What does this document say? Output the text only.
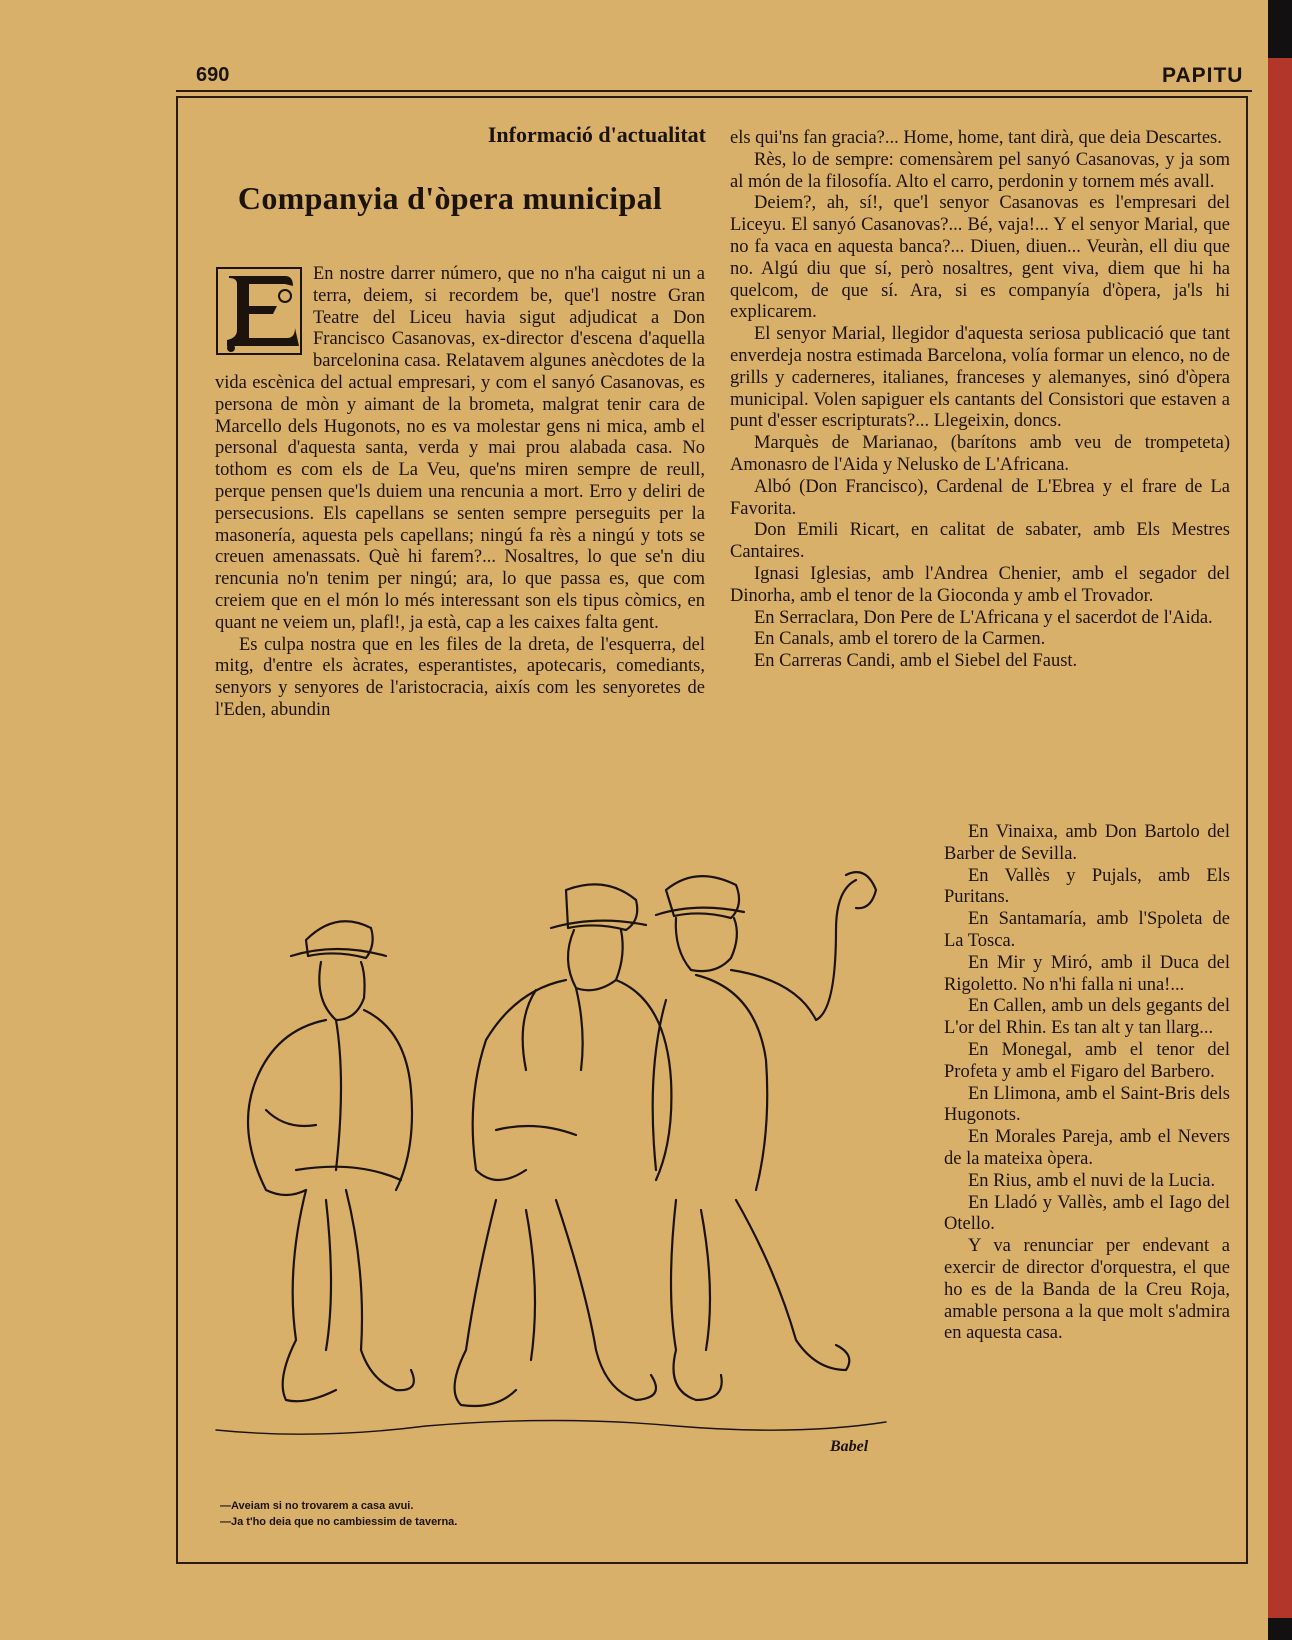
690	PAPITU
Informació d'actualitat
Companyia d'òpera municipal

En nostre darrer número, que no n'ha caigut ni un a terra, deiem, si recordem be, que'l nostre Gran Teatre del Liceu havia sigut adjudicat a Don Francisco Casanovas, ex-director d'escena d'aquella barcelonina casa. Relatavem algunes anècdotes de la vida escènica del actual empresari, y com el sanyó Casanovas, es persona de mòn y aimant de la brometa, malgrat tenir cara de Marcello dels Hugonots, no es va molestar gens ni mica, amb el personal d'aquesta santa, verda y mai prou alabada casa. No tothom es com els de La Veu, que'ns miren sempre de reull, perque pensen que'ls duiem una rencunia a mort. Erro y deliri de persecusions. Els capellans se senten sempre perseguits per la masonería, aquesta pels capellans; ningú fa rès a ningú y tots se creuen amenassats. Què hi farem?... Nosaltres, lo que se'n diu rencunia no'n tenim per ningú; ara, lo que passa es, que com creiem que en el món lo més interessant son els tipus còmics, en quant ne veiem un, plafl!, ja està, cap a les caixes falta gent.

Es culpa nostra que en les files de la dreta, de l'esquerra, del mitg, d'entre els àcrates, esperantistes, apotecaris, comediants, senyors y senyores de l'aristocracia, aixís com les senyoretes de l'Eden, abundin

els qui'ns fan gracia?... Home, home, tant dirà, que deia Descartes.

Rès, lo de sempre: comensàrem pel sanyó Casanovas, y ja som al món de la filosofía. Alto el carro, perdonin y tornem més avall.

Deiem?, ah, sí!, que'l senyor Casanovas es l'empresari del Liceyu. El sanyó Casanovas?... Bé, vaja!... Y el senyor Marial, que no fa vaca en aquesta banca?... Diuen, diuen... Veuràn, ell diu que no. Algú diu que sí, però nosaltres, gent viva, diem que hi ha quelcom, de que sí. Ara, si es companyía d'òpera, ja'ls hi explicarem.

El senyor Marial, llegidor d'aquesta seriosa publicació que tant enverdeja nostra estimada Barcelona, volía formar un elenco, no de grills y caderneres, italianes, franceses y alemanyes, sinó d'òpera municipal. Volen sapiguer els cantants del Consistori que estaven a punt d'esser escripturats?... Llegeixin, doncs.

Marquès de Marianao, (barítons amb veu de trompeteta) Amonasro de l'Aida y Nelusko de L'Africana.

Albó (Don Francisco), Cardenal de L'Ebrea y el frare de La Favorita.

Don Emili Ricart, en calitat de sabater, amb Els Mestres Cantaires.

Ignasi Iglesias, amb l'Andrea Chenier, amb el segador del Dinorha, amb el tenor de la Gioconda y amb el Trovador.

En Serraclara, Don Pere de L'Africana y el sacerdot de l'Aida.

En Canals, amb el torero de la Carmen.

En Carreras Candi, amb el Siebel del Faust.

En Vinaixa, amb Don Bartolo del Barber de Sevilla.

En Vallès y Pujals, amb Els Puritans.

En Santamaría, amb l'Spoleta de La Tosca.

En Mir y Miró, amb il Duca del Rigoletto. No n'hi falla ni una!...

En Callen, amb un dels gegants del L'or del Rhin. Es tan alt y tan llarg...

En Monegal, amb el tenor del Profeta y amb el Figaro del Barbero.

En Llimona, amb el Saint-Bris dels Hugonots.

En Morales Pareja, amb el Nevers de la mateixa òpera.

En Rius, amb el nuvi de la Lucia.

En Lladó y Vallès, amb el Iago del Otello.

Y va renunciar per endevant a exercir de director d'orquestra, el que ho es de la Banda de la Creu Roja, amable persona a la que molt s'admira en aquesta casa.

Babel
—Aveiam si no trovarem a casa avui.
—Ja t'ho deia que no cambiessim de taverna.
